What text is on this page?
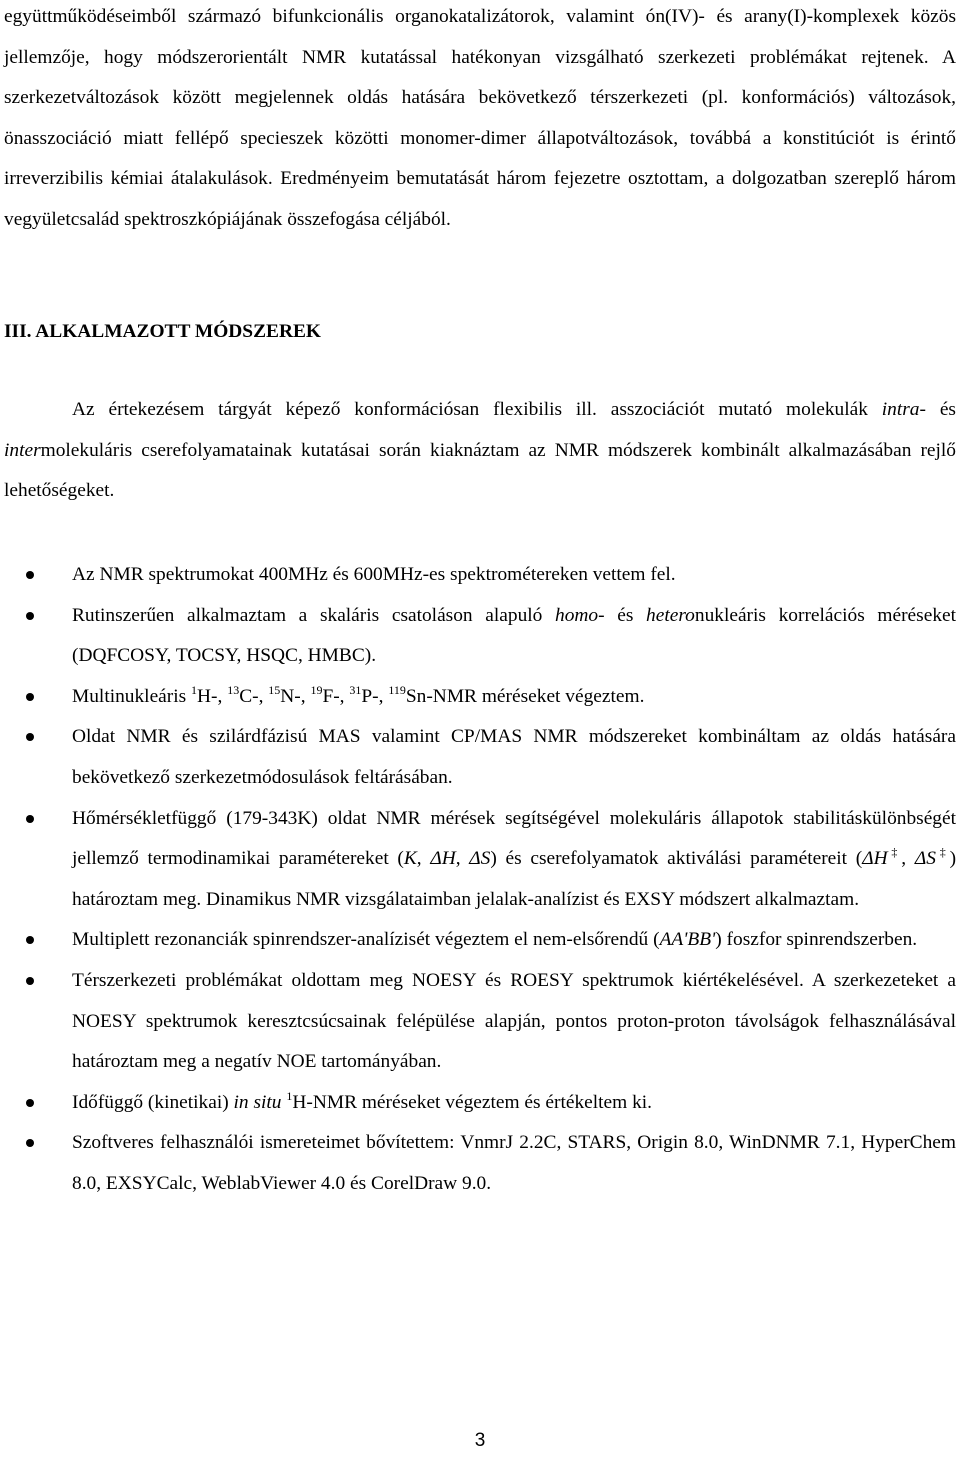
együttműködéseimből származó bifunkcionális organokatalizátorok, valamint ón(IV)- és arany(I)-komplexek közös jellemzője, hogy módszerorientált NMR kutatással hatékonyan vizsgálható szerkezeti problémákat rejtenek. A szerkezetváltozások között megjelennek oldás hatására bekövetkező térszerkezeti (pl. konformációs) változások, önasszociáció miatt fellépő specieszek közötti monomer-dimer állapotváltozások, továbbá a konstitúciót is érintő irreverzibilis kémiai átalakulások. Eredményeim bemutatását három fejezetre osztottam, a dolgozatban szereplő három vegyületcsalád spektroszkópiájának összefogása céljából.

III. ALKALMAZOTT MÓDSZEREK

Az értekezésem tárgyát képező konformációsan flexibilis ill. asszociációt mutató molekulák intra- és intermolekuláris cserefolyamatainak kutatásai során kiaknáztam az NMR módszerek kombinált alkalmazásában rejlő lehetőségeket.

Az NMR spektrumokat 400MHz és 600MHz-es spektrométereken vettem fel.
Rutinszerűen alkalmaztam a skaláris csatoláson alapuló homo- és heteronukleáris korrelációs méréseket (DQFCOSY, TOCSY, HSQC, HMBC).
Multinukleáris $^1$H-, $^{13}$C-, $^{15}$N-, $^{19}$F-, $^{31}$P-, $^{119}$Sn-NMR méréseket végeztem.
Oldat NMR és szilárdfázisú MAS valamint CP/MAS NMR módszereket kombináltam az oldás hatására bekövetkező szerkezetmódosulások feltárásában.
Hőmérsékletfüggő (179-343K) oldat NMR mérések segítségével molekuláris állapotok stabilitáskülönbségét jellemző termodinamikai paramétereket (K, ΔH, ΔS) és cserefolyamatok aktiválási paramétereit (ΔH‡, ΔS‡) határoztam meg. Dinamikus NMR vizsgálataimban jelalak-analízist és EXSY módszert alkalmaztam.
Multiplett rezonanciák spinrendszer-analízisét végeztem el nem-elsőrendű (AA'BB') foszfor spinrendszerben.
Térszerkezeti problémákat oldottam meg NOESY és ROESY spektrumok kiértékelésével. A szerkezeteket a NOESY spektrumok keresztcsúcsainak felépülése alapján, pontos proton-proton távolságok felhasználásával határoztam meg a negatív NOE tartományában.
Időfüggő (kinetikai) in situ $^1$H-NMR méréseket végeztem és értékeltem ki.
Szoftveres felhasználói ismereteimet bővítettem: VnmrJ 2.2C, STARS, Origin 8.0, WinDNMR 7.1, HyperChem 8.0, EXSYCalc, WeblabViewer 4.0 és CorelDraw 9.0.
3
